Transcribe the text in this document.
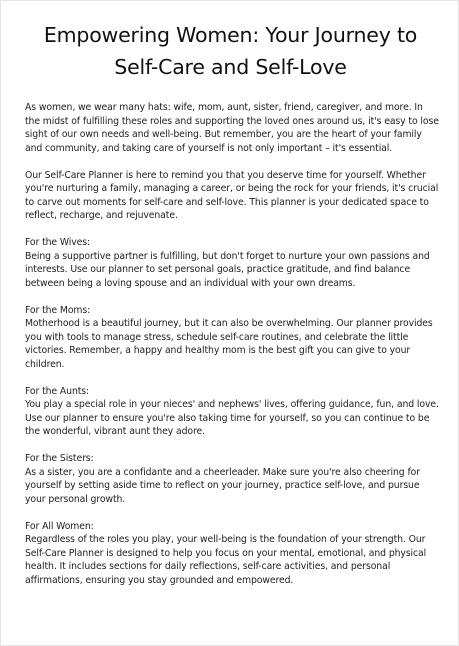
Empowering Women: Your Journey to
Self-Care and Self-Love

As women, we wear many hats: wife, mom, aunt, sister, friend, caregiver, and more. In the midst of fulfilling these roles and supporting the loved ones around us, it's easy to lose sight of our own needs and well-being. But remember, you are the heart of your family and community, and taking care of yourself is not only important – it's essential.

Our Self-Care Planner is here to remind you that you deserve time for yourself. Whether you're nurturing a family, managing a career, or being the rock for your friends, it's crucial to carve out moments for self-care and self-love. This planner is your dedicated space to reflect, recharge, and rejuvenate.

For the Wives:
Being a supportive partner is fulfilling, but don't forget to nurture your own passions and interests. Use our planner to set personal goals, practice gratitude, and find balance between being a loving spouse and an individual with your own dreams.

For the Moms:
Motherhood is a beautiful journey, but it can also be overwhelming. Our planner provides you with tools to manage stress, schedule self-care routines, and celebrate the little victories. Remember, a happy and healthy mom is the best gift you can give to your children.

For the Aunts:
You play a special role in your nieces' and nephews' lives, offering guidance, fun, and love. Use our planner to ensure you're also taking time for yourself, so you can continue to be the wonderful, vibrant aunt they adore.

For the Sisters:
As a sister, you are a confidante and a cheerleader. Make sure you're also cheering for yourself by setting aside time to reflect on your journey, practice self-love, and pursue your personal growth.

For All Women:
Regardless of the roles you play, your well-being is the foundation of your strength. Our Self-Care Planner is designed to help you focus on your mental, emotional, and physical health. It includes sections for daily reflections, self-care activities, and personal affirmations, ensuring you stay grounded and empowered.
